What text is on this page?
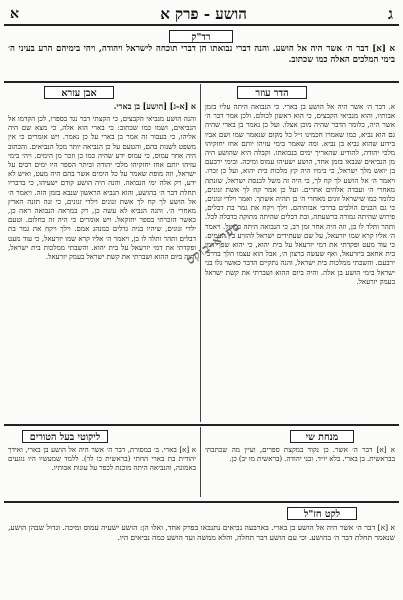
ג
הושע - פרק א
א
רד"ק
א [א] דבר ה׳ אשר היה אל הושע. והנה דברי נבואתו הן דברי תוכחה לישראל ויהודה, ויהי בימיהם הרע בעיני ה׳ בימי המלכים האלה כמו שכתוב.
הדר עוזר
אבן עזרא
א. דבר ה׳ אשר היה אל הושע בן בארי. כי הנבואה היתה עליו בזמן אבותיו, והוא מנביאי הקבצים, כי הוא ראשון לכולם. ולכן אמר דבר ה׳ אשר היה, כלומר הדבר שהיה מוכן אצלו. ועל כן נאמר בן בארי שהיה גם הוא נביא, כמו שאמרו חכמינו ז״ל כל מקום שנאמר שמו ושם אביו בידוע שהוא נביא בן נביא. ומה שאמר בימי עזיהו יותם אחז יחזקיהו מלכי יהודה, להודיע שהאריך ימים בנבואתו. וקבלה היא שהושע היה מן הנביאים שנבאו בזמן אחד, הושע ישעיהו עמוס ומיכה. ובימי ירבעם בן יואש מלך ישראל, כי בימיו היה קץ מלכות בית יהוא, ועל כן זכרו. ויאמר ה׳ אל הושע לך קח לך, כי היה זה משל לכנסת ישראל, שזנתה מאחרי ה׳ ועבדה אלהים אחרים. ועל כן אמר קח לך אשת זנונים, כלומר כמו שישראל זונים מאחרי ה׳ כן תהיה אשתך. ואמר וילדי זנונים, כי גם הבנים הולכים בדרכי אבותיהם. וילך ויקח את גמר בת דבלים, פירוש שהיתה גמורה ברשעתה, ובת דבלים שהיתה מתוקה כדבלה לכל. ותהר ותלד לו בן, וזה היה אחר זמן רב, כי הנבואה היתה כמשל. ויאמר ה׳ אליו קרא שמו יזרעאל, על שם שעתידים ישראל להזרע בין העמים. כי עוד מעט ופקדתי את דמי יזרעאל על בית יהוא, כי יהוא שפך דמי בית אחאב ביזרעאל, ואף שעשה ברצון ה׳, אבל הוא עצמו הלך בדרכי ירבעם. והשבתי ממלכות בית ישראל, והנה נתקיים הדבר כאשר גלו בני ישראל בימי הושע בן אלה. והיה ביום ההוא ושברתי את קשת ישראל בעמק יזרעאל.
א [א-ג] [הושע] בן בארי.
והנה הושע מנביאי הקבצים, כי הקצתי דבר נגד בספרו, לכן הקדמו אל הנביאים, ושמו כמו שכתוב: כי בארי הוא אלה, כי מצא שם היה אליהו, כי בעבור זה אמר בן בארי על כן נאמר. ויש אומרים כי אין משפט לשנות בהם, והטעם על כן הנביאה יותר מכל הנביאים. והכתוב היה אחר עמוס, כי עמוס ידע שהיה כמו כן וזכר מן הימים. ויהי בימי עזיהו יותם אחז יחזקיהו מלכי יהודה וביתר הספר היו ימים רבים על ישראל, וזה מופת שאמר על כל הימים אשר בהם היה מעט, ואיש לא ידע, רק אלה ימי הנבואה. והנה היה הושע קודם ישעיהו, כי בדבריו תחלת דבר ה׳ בהושע, והוא הנביא הראשון שנבא בזמן הזה. ויאמר ה׳ אל הושע לך קח לך אשת זנונים וילדי זנונים, כי זנה תזנה הארץ מאחרי ה׳. והנה הנביא לא עשה כן, רק במראה הנבואה ראה כן, כאשר הזכרתי בספר יחזקאל. ויש אומרים כי היה זה בחלום. וטעם ילדי זנונים, שיהיו בניה גדלים כמנהג אמם. וילך ויקח את גמר בת דבלים ותהר ותלד לו בן, ויאמר ה׳ אליו קרא שמו יזרעאל, כי עוד מעט ופקדתי את דמי יזרעאל על בית יהוא. והשבתי ממלכות בית ישראל, והיה ביום ההוא ושברתי את קשת ישראל בעמק יזרעאל.
ספרא-בוקס
ליקוטי בעל הטורים
א [א] בארי. ב׳ במסורת, דבר ה׳ אשר היה אל הושע בן בארי, ואידך יהודית בת בארי החתי (בראשית כו לד). ללמד שמעשיו היו נוגעים באמונה, והנביאה היתה מוכנת לכפר על עונות אבותיו.
מנחת שי
א [א] דבר ה׳ אשר. כן נקוד במקצת ספרים, ועיין מה שכתבתי בבראשית. בן בארי. בלא יו״ד. ובני יהודה. (בראשית מו יב) כן.
לקט חז"ל
א [א] דבר ה׳ אשר היה אל הושע בן בארי. בארבעה נביאים נתנבאו בפרק אחד, ואלו הן: הושע ישעיה עמוס ומיכה. וגדול שבהן הושע, שנאמר תחלת דבר ה׳ בהושע. וכי עם הושע דבר תחלה, והלא ממשה ועד הושע כמה נביאים היו.
